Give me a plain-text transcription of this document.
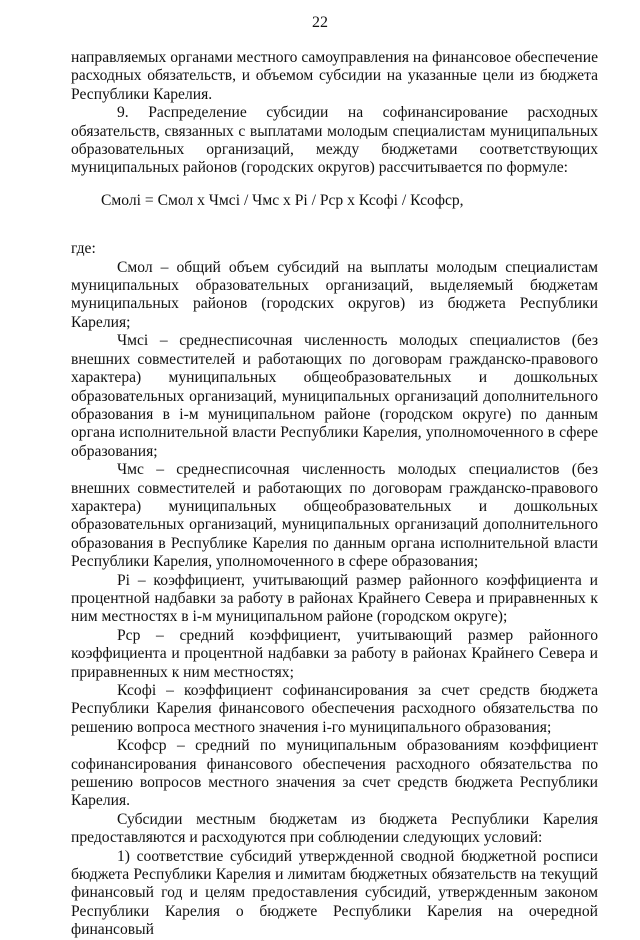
22

направляемых органами местного самоуправления на финансовое обеспечение расходных обязательств, и объемом субсидии на указанные цели из бюджета Республики Карелия.

9. Распределение субсидии на софинансирование расходных обязательств, связанных с выплатами молодым специалистам муниципальных образовательных организаций, между бюджетами соответствующих муниципальных районов (городских округов) рассчитывается по формуле:

Смолі = Смол х Чмсі / Чмс х Рі / Рср х Ксофі / Ксофср,

где:

Смол – общий объем субсидий на выплаты молодым специалистам муниципальных образовательных организаций, выделяемый бюджетам муниципальных районов (городских округов) из бюджета Республики Карелия;

Чмсі – среднесписочная численность молодых специалистов (без внешних совместителей и работающих по договорам гражданско-правового характера) муниципальных общеобразовательных и дошкольных образовательных организаций, муниципальных организаций дополнительного образования в і-м муниципальном районе (городском округе) по данным органа исполнительной власти Республики Карелия, уполномоченного в сфере образования;

Чмс – среднесписочная численность молодых специалистов (без внешних совместителей и работающих по договорам гражданско-правового характера) муниципальных общеобразовательных и дошкольных образовательных организаций, муниципальных организаций дополнительного образования в Республике Карелия по данным органа исполнительной власти Республики Карелия, уполномоченного в сфере образования;

Рі – коэффициент, учитывающий размер районного коэффициента и процентной надбавки за работу в районах Крайнего Севера и приравненных к ним местностях в і-м муниципальном районе (городском округе);

Рср – средний коэффициент, учитывающий размер районного коэффициента и процентной надбавки за работу в районах Крайнего Севера и приравненных к ним местностях;

Ксофі – коэффициент софинансирования за счет средств бюджета Республики Карелия финансового обеспечения расходного обязательства по решению вопроса местного значения і-го муниципального образования;

Ксофср – средний по муниципальным образованиям коэффициент софинансирования финансового обеспечения расходного обязательства по решению вопросов местного значения за счет средств бюджета Республики Карелия.

Субсидии местным бюджетам из бюджета Республики Карелия предоставляются и расходуются при соблюдении следующих условий:

1) соответствие субсидий утвержденной сводной бюджетной росписи бюджета Республики Карелия и лимитам бюджетных обязательств на текущий финансовый год и целям предоставления субсидий, утвержденным законом Республики Карелия о бюджете Республики Карелия на очередной финансовый
